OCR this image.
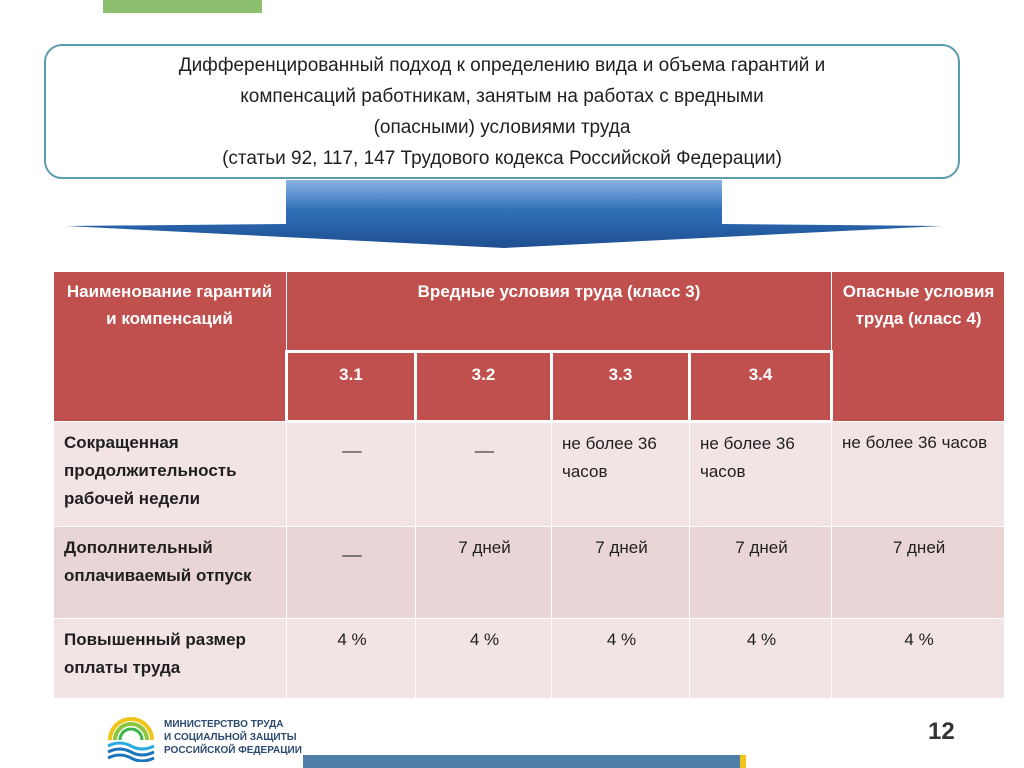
Дифференцированный подход к определению вида и объема гарантий и
компенсаций работникам, занятым на работах с вредными
(опасными) условиями труда
(статьи 92, 117, 147 Трудового кодекса Российской Федерации)
Наименование гарантий и компенсаций	Вредные условия труда (класс 3)				Опасные условия труда (класс 4)
	3.1	3.2	3.3	3.4	
Сокращенная продолжительность рабочей недели	__	__	не более 36 часов	не более 36 часов	не более 36 часов
Дополнительный оплачиваемый отпуск	__	7 дней	7 дней	7 дней	7 дней
Повышенный размер оплаты труда	4 %	4 %	4 %	4 %	4 %
МИНИСТЕРСТВО ТРУДА
И СОЦИАЛЬНОЙ ЗАЩИТЫ
РОССИЙСКОЙ ФЕДЕРАЦИИ
12
